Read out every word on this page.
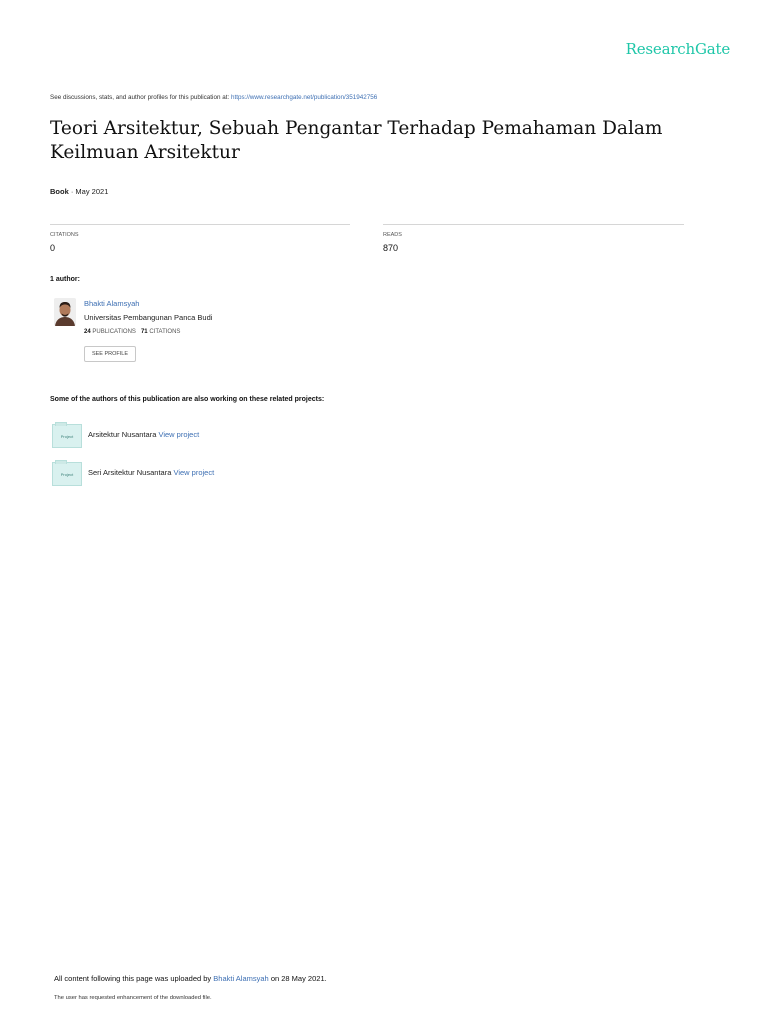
ResearchGate
See discussions, stats, and author profiles for this publication at: https://www.researchgate.net/publication/351942756
Teori Arsitektur, Sebuah Pengantar Terhadap Pemahaman Dalam Keilmuan Arsitektur
Book · May 2021
CITATIONS
0
READS
870
1 author:
Bhakti Alamsyah
Universitas Pembangunan Panca Budi
24 PUBLICATIONS 71 CITATIONS
SEE PROFILE
Some of the authors of this publication are also working on these related projects:
Project Arsitektur Nusantara View project
Project Seri Arsitektur Nusantara View project
All content following this page was uploaded by Bhakti Alamsyah on 28 May 2021.
The user has requested enhancement of the downloaded file.
